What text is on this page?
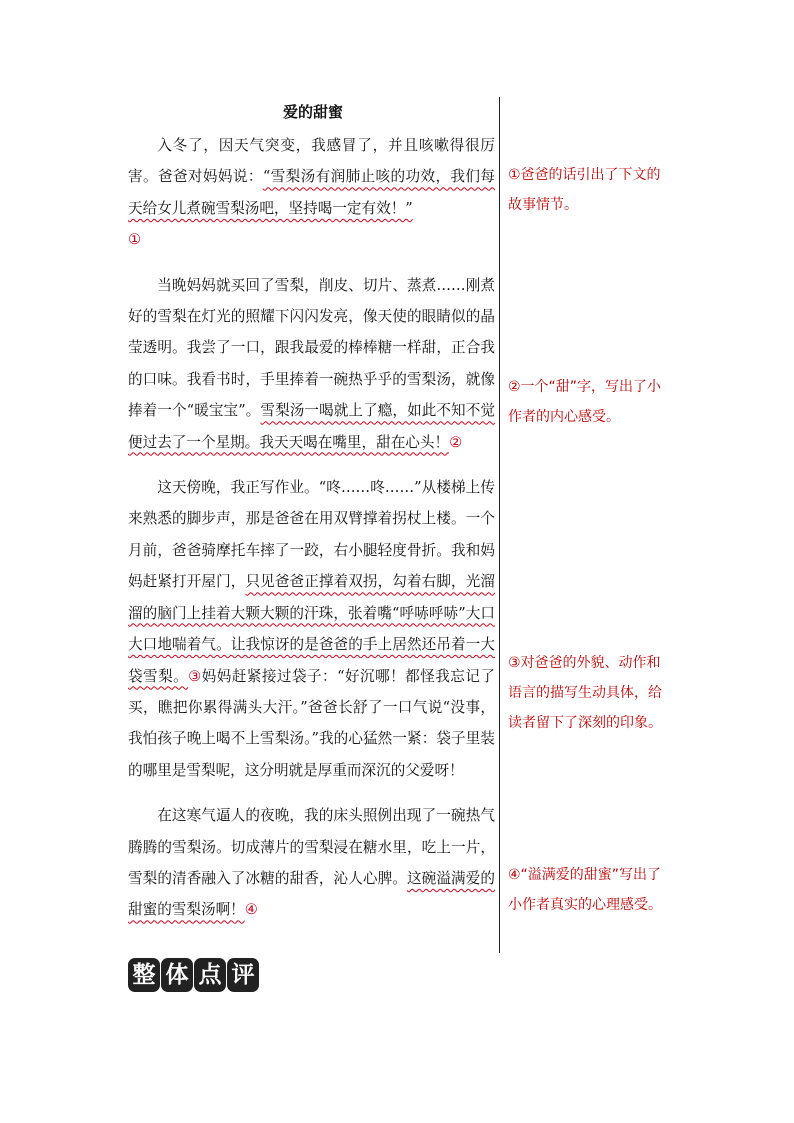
爱的甜蜜

入冬了，因天气突变，我感冒了，并且咳嗽得很厉害。爸爸对妈妈说：“雪梨汤有润肺止咳的功效，我们每天给女儿煮碗雪梨汤吧，坚持喝一定有效！”
①

当晚妈妈就买回了雪梨，削皮、切片、蒸煮……刚煮好的雪梨在灯光的照耀下闪闪发亮，像天使的眼睛似的晶莹透明。我尝了一口，跟我最爱的棒棒糖一样甜，正合我的口味。我看书时，手里捧着一碗热乎乎的雪梨汤，就像捧着一个“暖宝宝”。雪梨汤一喝就上了瘾，如此不知不觉便过去了一个星期。我天天喝在嘴里，甜在心头！②

这天傍晚，我正写作业。“咚……咚……”从楼梯上传来熟悉的脚步声，那是爸爸在用双臂撑着拐杖上楼。一个月前，爸爸骑摩托车摔了一跤，右小腿轻度骨折。我和妈妈赶紧打开屋门，只见爸爸正撑着双拐，勾着右脚，光溜溜的脑门上挂着大颗大颗的汗珠，张着嘴“呼哧呼哧”大口大口地喘着气。让我惊讶的是爸爸的手上居然还吊着一大袋雪梨。③妈妈赶紧接过袋子：“好沉哪！都怪我忘记了买，瞧把你累得满头大汗。”爸爸长舒了一口气说“没事，我怕孩子晚上喝不上雪梨汤。”我的心猛然一紧：袋子里装的哪里是雪梨呢，这分明就是厚重而深沉的父爱呀！

在这寒气逼人的夜晚，我的床头照例出现了一碗热气腾腾的雪梨汤。切成薄片的雪梨浸在糖水里，吃上一片，雪梨的清香融入了冰糖的甜香，沁人心脾。这碗溢满爱的甜蜜的雪梨汤啊！④

①爸爸的话引出了下文的故事情节。
②一个“甜”字，写出了小作者的内心感受。
③对爸爸的外貌、动作和语言的描写生动具体，给读者留下了深刻的印象。
④“溢满爱的甜蜜”写出了小作者真实的心理感受。
整 体 点 评
